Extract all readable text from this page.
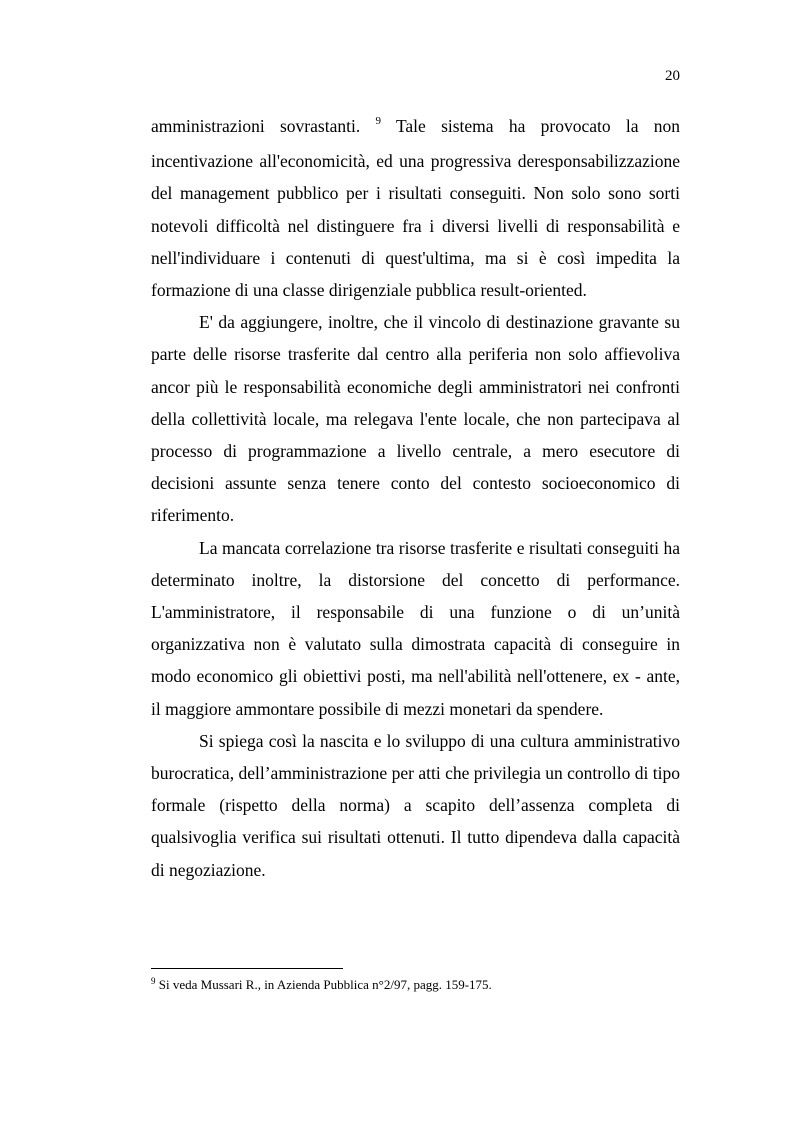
20

amministrazioni sovrastanti. $^9$ Tale sistema ha provocato la non incentivazione all'economicità, ed una progressiva deresponsabilizzazione del management pubblico per i risultati conseguiti. Non solo sono sorti notevoli difficoltà nel distinguere fra i diversi livelli di responsabilità e nell'individuare i contenuti di quest'ultima, ma si è così impedita la formazione di una classe dirigenziale pubblica result-oriented.

E' da aggiungere, inoltre, che il vincolo di destinazione gravante su parte delle risorse trasferite dal centro alla periferia non solo affievoliva ancor più le responsabilità economiche degli amministratori nei confronti della collettività locale, ma relegava l'ente locale, che non partecipava al processo di programmazione a livello centrale, a mero esecutore di decisioni assunte senza tenere conto del contesto socioeconomico di riferimento.

La mancata correlazione tra risorse trasferite e risultati conseguiti ha determinato inoltre, la distorsione del concetto di performance. L'amministratore, il responsabile di una funzione o di un’unità organizzativa non è valutato sulla dimostrata capacità di conseguire in modo economico gli obiettivi posti, ma nell'abilità nell'ottenere, ex - ante, il maggiore ammontare possibile di mezzi monetari da spendere.

Si spiega così la nascita e lo sviluppo di una cultura amministrativo burocratica, dell’amministrazione per atti che privilegia un controllo di tipo formale (rispetto della norma) a scapito dell’assenza completa di qualsivoglia verifica sui risultati ottenuti. Il tutto dipendeva dalla capacità di negoziazione.

$^9$ Si veda Mussari R., in Azienda Pubblica n°2/97, pagg. 159-175.
